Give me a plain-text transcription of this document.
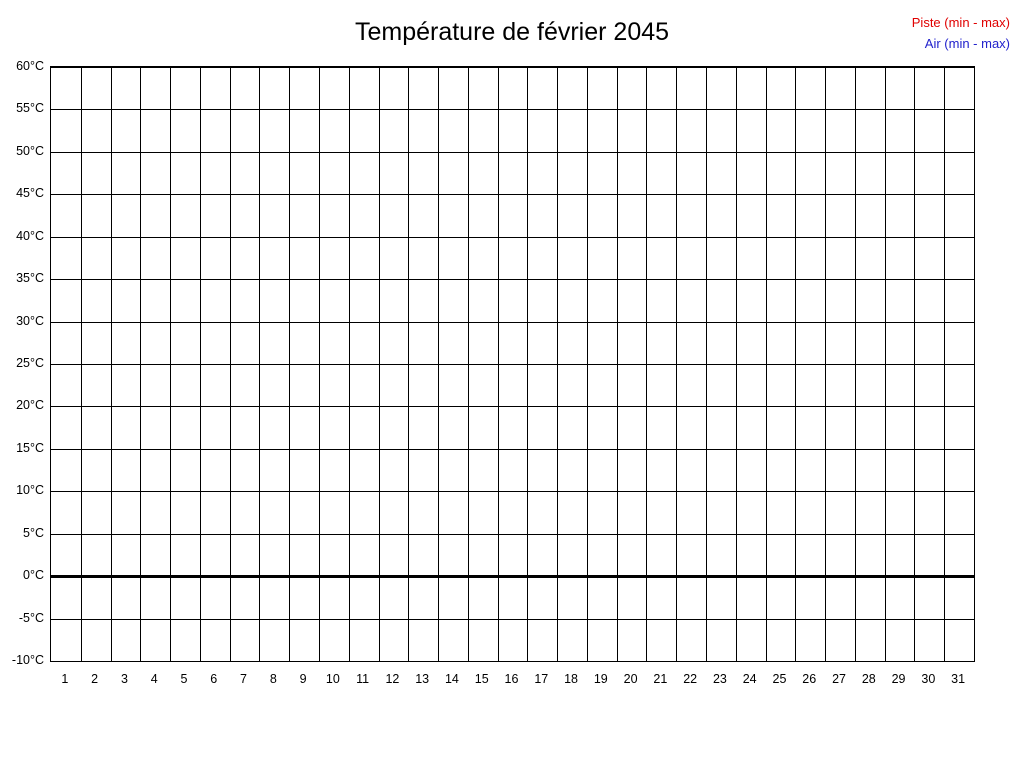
Température de février 2045	Piste (min - max)
Air (min - max)
60°C
55°C
50°C
45°C
40°C
35°C
30°C
25°C
20°C
15°C
10°C
5°C
0°C
-5°C
-10°C
1 2 3 4 5 6 7 8 9 10 11 12 13 14 15 16 17 18 19 20 21 22 23 24 25 26 27 28 29 30 31
